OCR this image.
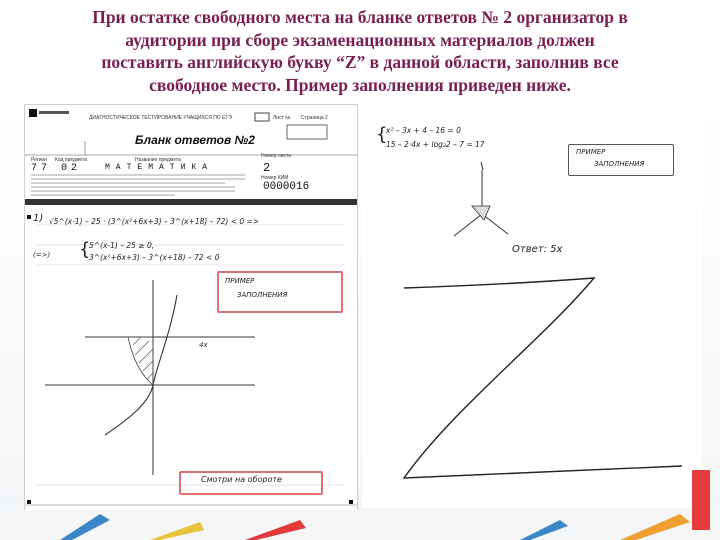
При остатке свободного места на бланке ответов № 2 организатор в
аудитории при сборе экзаменационных материалов должен
поставить английскую букву “Z” в данной области, заполнив все
свободное место. Пример заполнения приведен ниже.
ДИАГНОСТИЧЕСКОЕ ТЕСТИРОВАНИЕ УЧАЩИХСЯ ПО ЕГЭ	Лист № Страница 2
Бланк ответов №2
Регион Код предмета	Название предмета
Номер листа
77 02	МАТЕМАТИКА	2
Номер КИМ
0000016
1) √5^(x-1) – 25 · (3^(x²+6x+3) – 3^(x+18) – 72) < 0 =>
(=>) {
5^(x-1) – 25 ≥ 0,
3^(x²+6x+3) – 3^(x+18) – 72 < 0
ПРИМЕР
ЗАПОЛНЕНИЯ
4x
Смотри на обороте
{
x² – 3x + 4 – 16 = 0
15 – 2·4x + log₂2 – 7 = 17
ПРИМЕР
ЗАПОЛНЕНИЯ
Ответ: 5x
